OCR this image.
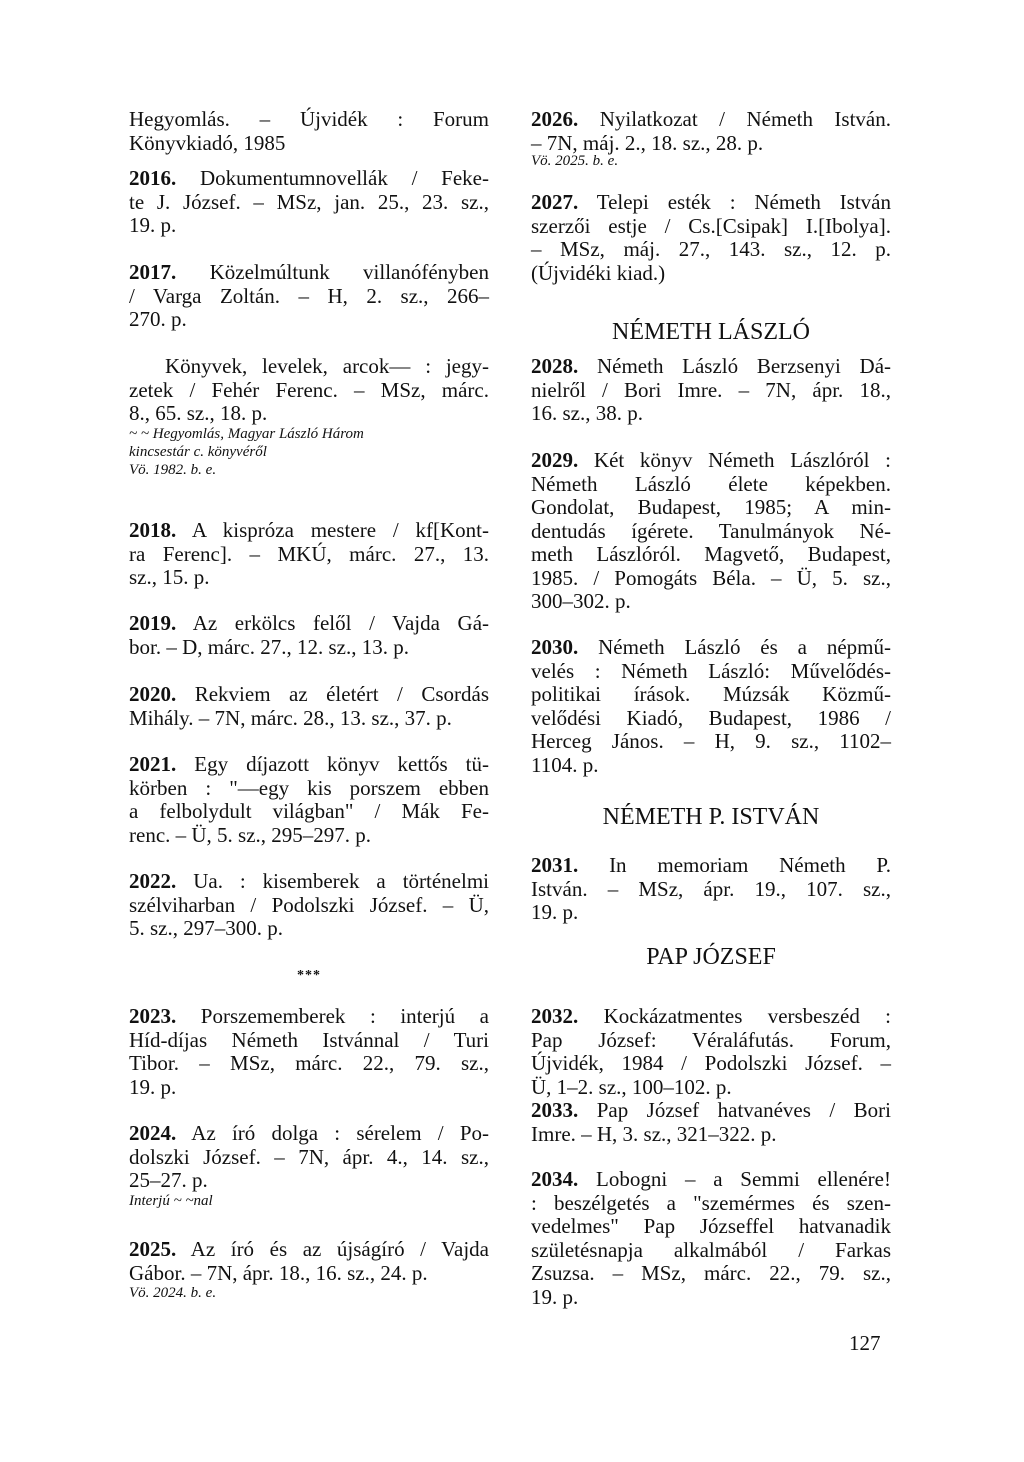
Hegyomlás. – Újvidék : Forum
Könyvkiadó, 1985
2016. Dokumentumnovellák / Feke-
te J. József. – MSz, jan. 25., 23. sz.,
19. p.
2017. Közelmúltunk villanófényben
/ Varga Zoltán. – H, 2. sz., 266–
270. p.
Könyvek, levelek, arcok— : jegy-
zetek / Fehér Ferenc. – MSz, márc.
8., 65. sz., 18. p.
~ ~ Hegyomlás, Magyar László Három
kincsestár c. könyvéről
Vö. 1982. b. e.
2018. A kispróza mestere / kf[Kont-
ra Ferenc]. – MKÚ, márc. 27., 13.
sz., 15. p.
2019. Az erkölcs felől / Vajda Gá-
bor. – D, márc. 27., 12. sz., 13. p.
2020. Rekviem az életért / Csordás
Mihály. – 7N, márc. 28., 13. sz., 37. p.
2021. Egy díjazott könyv kettős tü-
körben : "—egy kis porszem ebben
a felbolydult világban" / Mák Fe-
renc. – Ü, 5. sz., 295–297. p.
2022. Ua. : kisemberek a történelmi
szélviharban / Podolszki József. – Ü,
5. sz., 297–300. p.
2023. Porszememberek : interjú a
Híd-díjas Németh Istvánnal / Turi
Tibor. – MSz, márc. 22., 79. sz.,
19. p.
2024. Az író dolga : sérelem / Po-
dolszki József. – 7N, ápr. 4., 14. sz.,
25–27. p.
Interjú ~ ~nal
2025. Az író és az újságíró / Vajda
Gábor. – 7N, ápr. 18., 16. sz., 24. p.
Vö. 2024. b. e.
***
2026. Nyilatkozat / Németh István.
– 7N, máj. 2., 18. sz., 28. p.
Vö. 2025. b. e.
2027. Telepi esték : Németh István
szerzői estje / Cs.[Csipak] I.[Ibolya].
– MSz, máj. 27., 143. sz., 12. p.
(Újvidéki kiad.)
2028. Németh László Berzsenyi Dá-
nielről / Bori Imre. – 7N, ápr. 18.,
16. sz., 38. p.
2029. Két könyv Németh Lászlóról :
Németh László élete képekben.
Gondolat, Budapest, 1985; A min-
dentudás ígérete. Tanulmányok Né-
meth Lászlóról. Magvető, Budapest,
1985. / Pomogáts Béla. – Ü, 5. sz.,
300–302. p.
2030. Németh László és a népmű-
velés : Németh László: Művelődés-
politikai írások. Múzsák Közmű-
velődési Kiadó, Budapest, 1986 /
Herceg János. – H, 9. sz., 1102–
1104. p.
2031. In memoriam Németh P.
István. – MSz, ápr. 19., 107. sz.,
19. p.
2032. Kockázatmentes versbeszéd :
Pap József: Véraláfutás. Forum,
Újvidék, 1984 / Podolszki József. –
Ü, 1–2. sz., 100–102. p.
2033. Pap József hatvanéves / Bori
Imre. – H, 3. sz., 321–322. p.
2034. Lobogni – a Semmi ellenére!
: beszélgetés a "szemérmes és szen-
vedelmes" Pap Józseffel hatvanadik
születésnapja alkalmából / Farkas
Zsuzsa. – MSz, márc. 22., 79. sz.,
19. p.
NÉMETH LÁSZLÓ
NÉMETH P. ISTVÁN
PAP JÓZSEF
127
